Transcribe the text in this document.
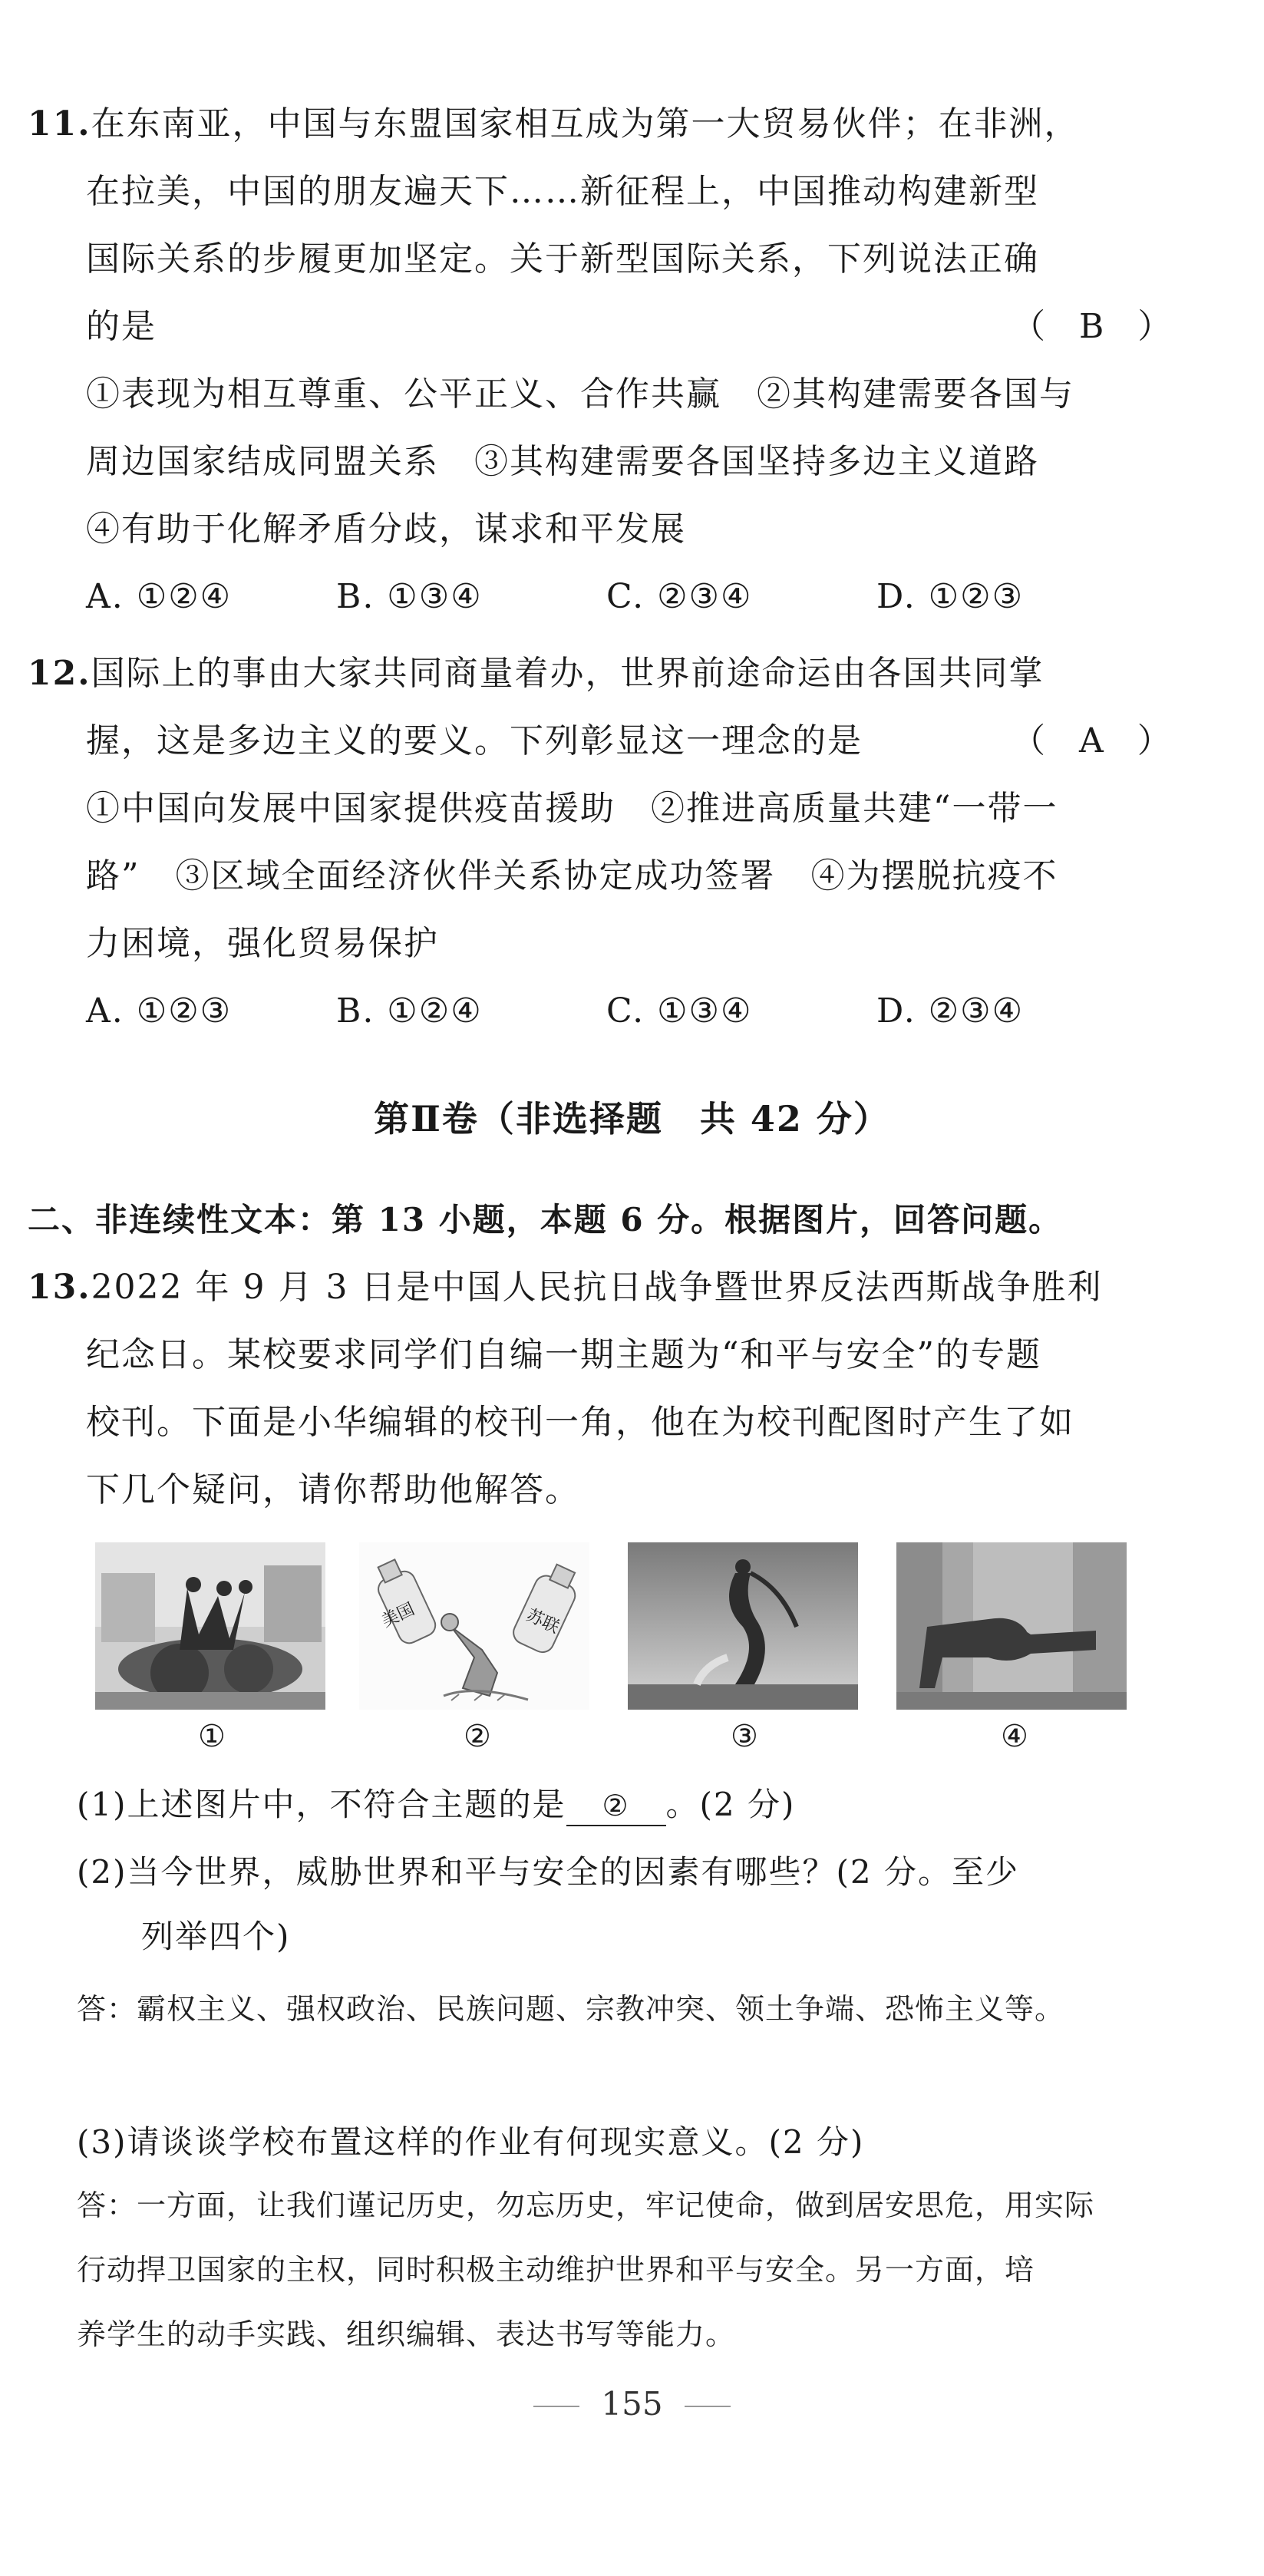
11.在东南亚，中国与东盟国家相互成为第一大贸易伙伴；在非洲，
在拉美，中国的朋友遍天下……新征程上，中国推动构建新型
国际关系的步履更加坚定。关于新型国际关系，下列说法正确
的是	（　B　）
①表现为相互尊重、公平正义、合作共赢　②其构建需要各国与
周边国家结成同盟关系　③其构建需要各国坚持多边主义道路
④有助于化解矛盾分歧，谋求和平发展
A. ①②④	B. ①③④	C. ②③④	D. ①②③
12.国际上的事由大家共同商量着办，世界前途命运由各国共同掌
握，这是多边主义的要义。下列彰显这一理念的是	（　A　）
①中国向发展中国家提供疫苗援助　②推进高质量共建“一带一
路”　③区域全面经济伙伴关系协定成功签署　④为摆脱抗疫不
力困境，强化贸易保护
A. ①②③	B. ①②④	C. ①③④	D. ②③④
第Ⅱ卷（非选择题　共 42 分）
二、非连续性文本：第 13 小题，本题 6 分。根据图片，回答问题。
13.2022 年 9 月 3 日是中国人民抗日战争暨世界反法西斯战争胜利
纪念日。某校要求同学们自编一期主题为“和平与安全”的专题
校刊。下面是小华编辑的校刊一角，他在为校刊配图时产生了如
下几个疑问，请你帮助他解答。
①
美国	苏联
②	③	④
(1)上述图片中，不符合主题的是 ② 。(2 分)
(2)当今世界，威胁世界和平与安全的因素有哪些？(2 分。至少
列举四个)
答：霸权主义、强权政治、民族问题、宗教冲突、领土争端、恐怖主义等。
(3)请谈谈学校布置这样的作业有何现实意义。(2 分)
答：一方面，让我们谨记历史，勿忘历史，牢记使命，做到居安思危，用实际
行动捍卫国家的主权，同时积极主动维护世界和平与安全。另一方面，培
养学生的动手实践、组织编辑、表达书写等能力。
155
